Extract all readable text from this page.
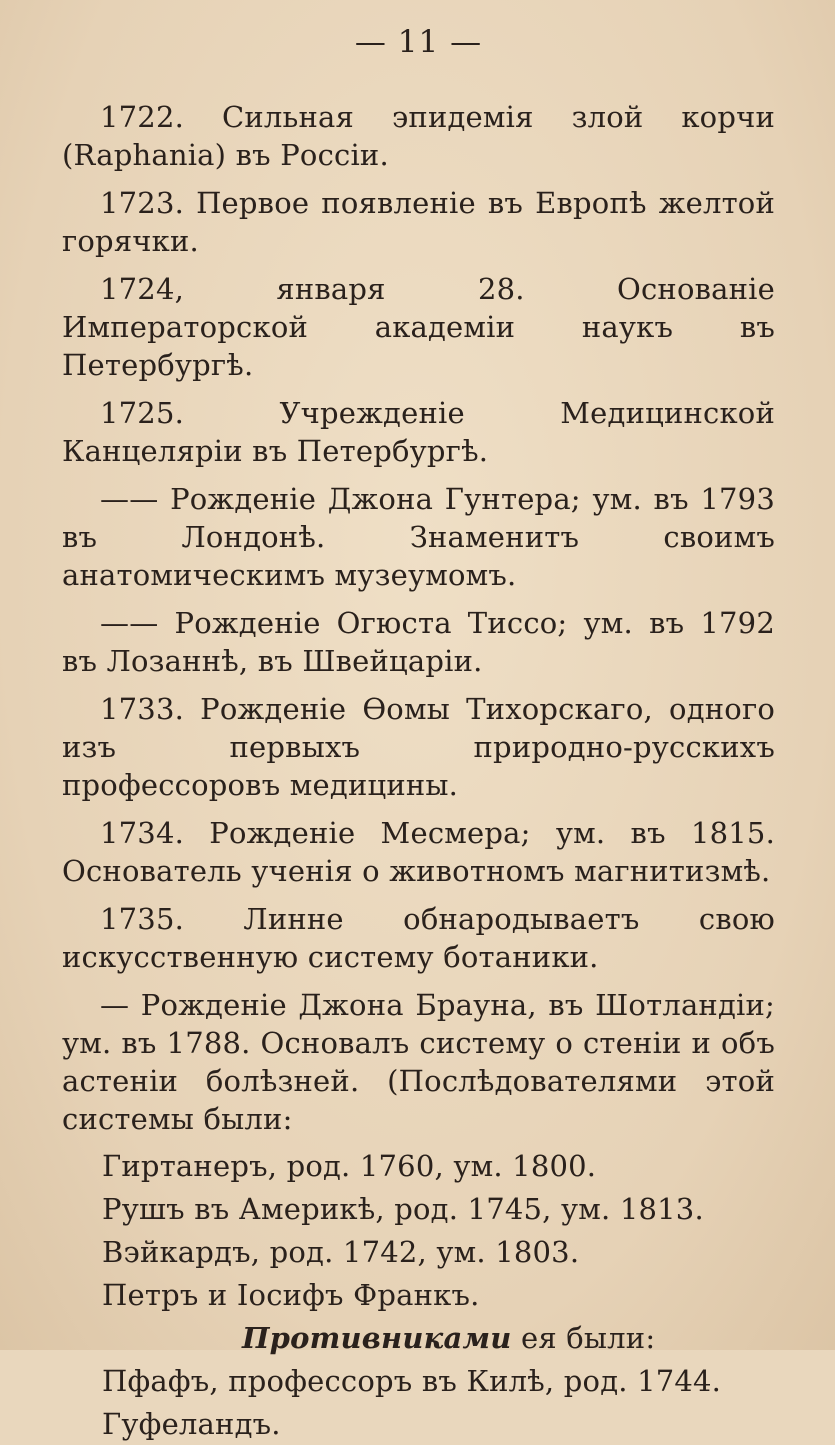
— 11 —

1722. Сильная эпидемія злой корчи (Raphania) въ Россіи.

1723. Первое появленіе въ Европѣ желтой горячки.

1724, января 28. Основаніе Императорской академіи наукъ въ Петербургѣ.

1725. Учрежденіе Медицинской Канцеляріи въ Петербургѣ.

—— Рожденіе Джона Гунтера; ум. въ 1793 въ Лондонѣ. Знаменитъ своимъ анатомическимъ музеумомъ.

—— Рожденіе Огюста Тиссо; ум. въ 1792 въ Лозаннѣ, въ Швейцаріи.

1733. Рожденіе Ѳомы Тихорскаго, одного изъ первыхъ природно-русскихъ профессоровъ медицины.

1734. Рожденіе Месмера; ум. въ 1815. Основатель ученія о животномъ магнитизмѣ.

1735. Линне обнародываетъ свою искусственную систему ботаники.

— Рожденіе Джона Брауна, въ Шотландіи; ум. въ 1788. Основалъ систему о стеніи и объ астеніи болѣзней. (Послѣдователями этой системы были:

Гиртанеръ, род. 1760, ум. 1800.
Рушъ въ Америкѣ, род. 1745, ум. 1813.
Вэйкардъ, род. 1742, ум. 1803.
Петръ и Іосифъ Франкъ.
Противниками ея были:
Пфафъ, профессоръ въ Килѣ, род. 1744.
Гуфеландъ.
